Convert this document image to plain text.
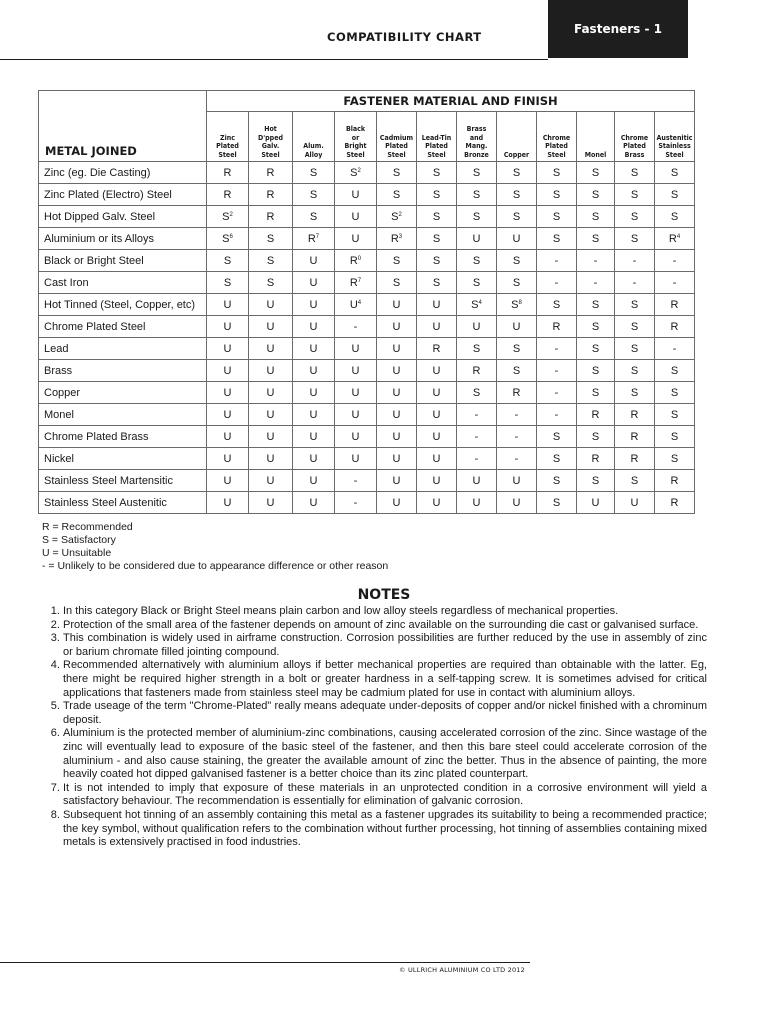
COMPATIBILITY CHART
Fasteners - 1
	FASTENER MATERIAL AND FINISH											
METAL JOINED	Zinc
Plated
Steel	Hot
D'pped
Galv.
Steel	Alum.
Alloy	Black
or
Bright
Steel	Cadmium
Plated
Steel	Lead-Tin
Plated
Steel	Brass
and
Mang.
Bronze	Copper	Chrome
Plated
Steel	Monel	Chrome
Plated
Brass	Austenitic
Stainless
Steel
Zinc (eg. Die Casting)	R	R	S	$S^2$	S	S	S	S	S	S	S	S
Zinc Plated (Electro) Steel	R	R	S	U	S	S	S	S	S	S	S	S
Hot Dipped Galv. Steel	$S^2$	R	S	U	$S^2$	S	S	S	S	S	S	S
Aluminium or its Alloys	$S^6$	S	$R^7$	U	$R^3$	S	U	U	S	S	S	$R^4$
Black or Bright Steel	S	S	U	$R^0$	S	S	S	S	-	-	-	-
Cast Iron	S	S	U	$R^7$	S	S	S	S	-	-	-	-
Hot Tinned (Steel, Copper, etc)	U	U	U	$U^4$	U	U	$S^4$	$S^8$	S	S	S	R
Chrome Plated Steel	U	U	U	-	U	U	U	U	R	S	S	R
Lead	U	U	U	U	U	R	S	S	-	S	S	-
Brass	U	U	U	U	U	U	R	S	-	S	S	S
Copper	U	U	U	U	U	U	S	R	-	S	S	S
Monel	U	U	U	U	U	U	-	-	-	R	R	S
Chrome Plated Brass	U	U	U	U	U	U	-	-	S	S	R	S
Nickel	U	U	U	U	U	U	-	-	S	R	R	S
Stainless Steel Martensitic	U	U	U	-	U	U	U	U	S	S	S	R
Stainless Steel Austenitic	U	U	U	-	U	U	U	U	S	U	U	R
R = Recommended
S = Satisfactory
U = Unsuitable
- = Unlikely to be considered due to appearance difference or other reason
NOTES
1. In this category Black or Bright Steel means plain carbon and low alloy steels regardless of mechanical properties.
2. Protection of the small area of the fastener depends on amount of zinc available on the surrounding die cast or galvanised surface.
3. This combination is widely used in airframe construction. Corrosion possibilities are further reduced by the use in assembly of zinc or barium chromate filled jointing compound.
4. Recommended alternatively with aluminium alloys if better mechanical properties are required than obtainable with the latter. Eg, there might be required higher strength in a bolt or greater hardness in a self-tapping screw. It is sometimes advised for critical applications that fasteners made from stainless steel may be cadmium plated for use in contact with aluminium alloys.
5. Trade useage of the term "Chrome-Plated" really means adequate under-deposits of copper and/or nickel finished with a chrominum deposit.
6. Aluminium is the protected member of aluminium-zinc combinations, causing accelerated corrosion of the zinc. Since wastage of the zinc will eventually lead to exposure of the basic steel of the fastener, and then this bare steel could accelerate corrosion of the aluminium - and also cause staining, the greater the available amount of zinc the better. Thus in the absence of painting, the more heavily coated hot dipped galvanised fastener is a better choice than its zinc plated counterpart.
7. It is not intended to imply that exposure of these materials in an unprotected condition in a corrosive environment will yield a satisfactory behaviour. The recommendation is essentially for elimination of galvanic corrosion.
8. Subsequent hot tinning of an assembly containing this metal as a fastener upgrades its suitability to being a recommended practice; the key symbol, without qualification refers to the combination without further processing, hot tinning of assemblies containing mixed metals is extensively practised in food industries.
© ULLRICH ALUMINIUM CO LTD 2012
